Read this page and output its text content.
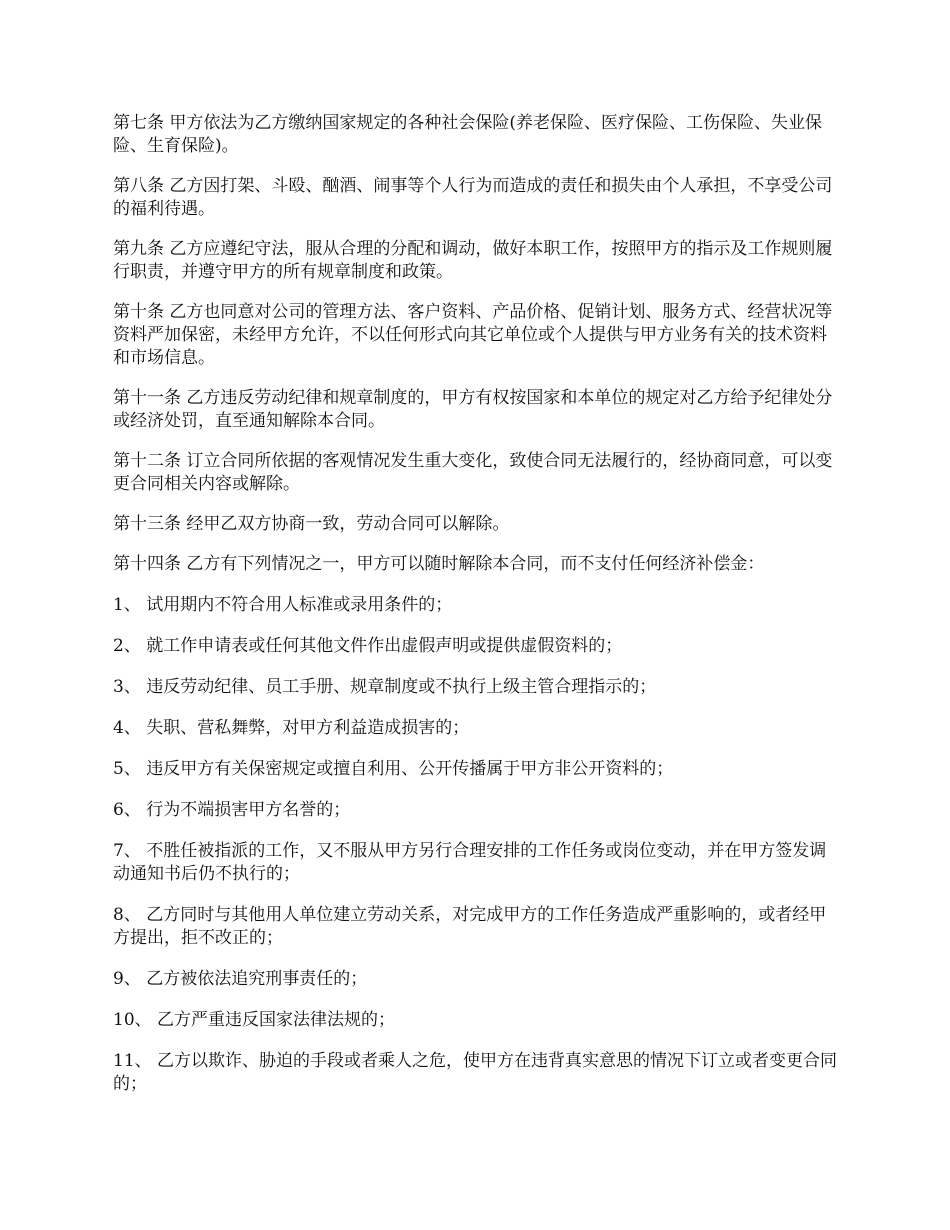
第七条 甲方依法为乙方缴纳国家规定的各种社会保险(养老保险、医疗保险、工伤保险、失业保险、生育保险)。

第八条 乙方因打架、斗殴、酗酒、闹事等个人行为而造成的责任和损失由个人承担，不享受公司的福利待遇。

第九条 乙方应遵纪守法，服从合理的分配和调动，做好本职工作，按照甲方的指示及工作规则履行职责，并遵守甲方的所有规章制度和政策。

第十条 乙方也同意对公司的管理方法、客户资料、产品价格、促销计划、服务方式、经营状况等资料严加保密，未经甲方允许，不以任何形式向其它单位或个人提供与甲方业务有关的技术资料和市场信息。

第十一条 乙方违反劳动纪律和规章制度的，甲方有权按国家和本单位的规定对乙方给予纪律处分或经济处罚，直至通知解除本合同。

第十二条 订立合同所依据的客观情况发生重大变化，致使合同无法履行的，经协商同意，可以变更合同相关内容或解除。

第十三条 经甲乙双方协商一致，劳动合同可以解除。

第十四条 乙方有下列情况之一，甲方可以随时解除本合同，而不支付任何经济补偿金：

1、 试用期内不符合用人标准或录用条件的；

2、 就工作申请表或任何其他文件作出虚假声明或提供虚假资料的；

3、 违反劳动纪律、员工手册、规章制度或不执行上级主管合理指示的；

4、 失职、营私舞弊，对甲方利益造成损害的；

5、 违反甲方有关保密规定或擅自利用、公开传播属于甲方非公开资料的；

6、 行为不端损害甲方名誉的；

7、 不胜任被指派的工作，又不服从甲方另行合理安排的工作任务或岗位变动，并在甲方签发调动通知书后仍不执行的；

8、 乙方同时与其他用人单位建立劳动关系，对完成甲方的工作任务造成严重影响的，或者经甲方提出，拒不改正的；

9、 乙方被依法追究刑事责任的；

10、 乙方严重违反国家法律法规的；

11、 乙方以欺诈、胁迫的手段或者乘人之危，使甲方在违背真实意思的情况下订立或者变更合同的；
